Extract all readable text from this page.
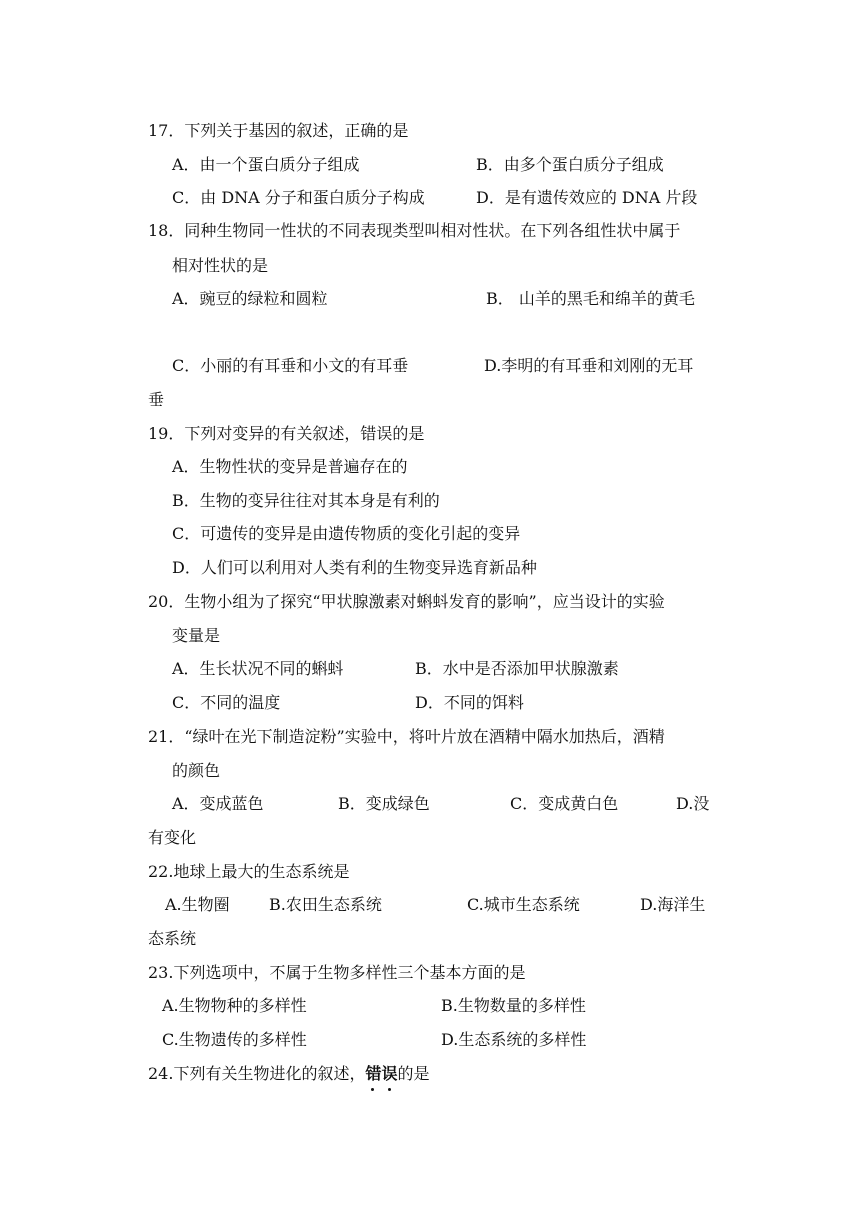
17．下列关于基因的叙述，正确的是
A．由一个蛋白质分子组成	B．由多个蛋白质分子组成
C．由 DNA 分子和蛋白质分子构成	D．是有遗传效应的 DNA 片段
18．同种生物同一性状的不同表现类型叫相对性状。在下列各组性状中属于
相对性状的是
A．豌豆的绿粒和圆粒	B． 山羊的黑毛和绵羊的黄毛
C．小丽的有耳垂和小文的有耳垂	D.李明的有耳垂和刘刚的无耳
垂
19．下列对变异的有关叙述，错误的是
A．生物性状的变异是普遍存在的
B．生物的变异往往对其本身是有利的
C．可遗传的变异是由遗传物质的变化引起的变异
D．人们可以利用对人类有利的生物变异选育新品种
20．生物小组为了探究“甲状腺激素对蝌蚪发育的影响”，应当设计的实验
变量是
A．生长状况不同的蝌蚪	B．水中是否添加甲状腺激素
C．不同的温度	D．不同的饵料
21．“绿叶在光下制造淀粉”实验中，将叶片放在酒精中隔水加热后，酒精
的颜色
A．变成蓝色	B．变成绿色	C．变成黄白色	D.没
有变化
22.地球上最大的生态系统是
A.生物圈 B.农田生态系统	C.城市生态系统	D.海洋生
态系统
23.下列选项中，不属于生物多样性三个基本方面的是
A.生物物种的多样性	B.生物数量的多样性
C.生物遗传的多样性	D.生态系统的多样性
24.下列有关生物进化的叙述，错误
的是
